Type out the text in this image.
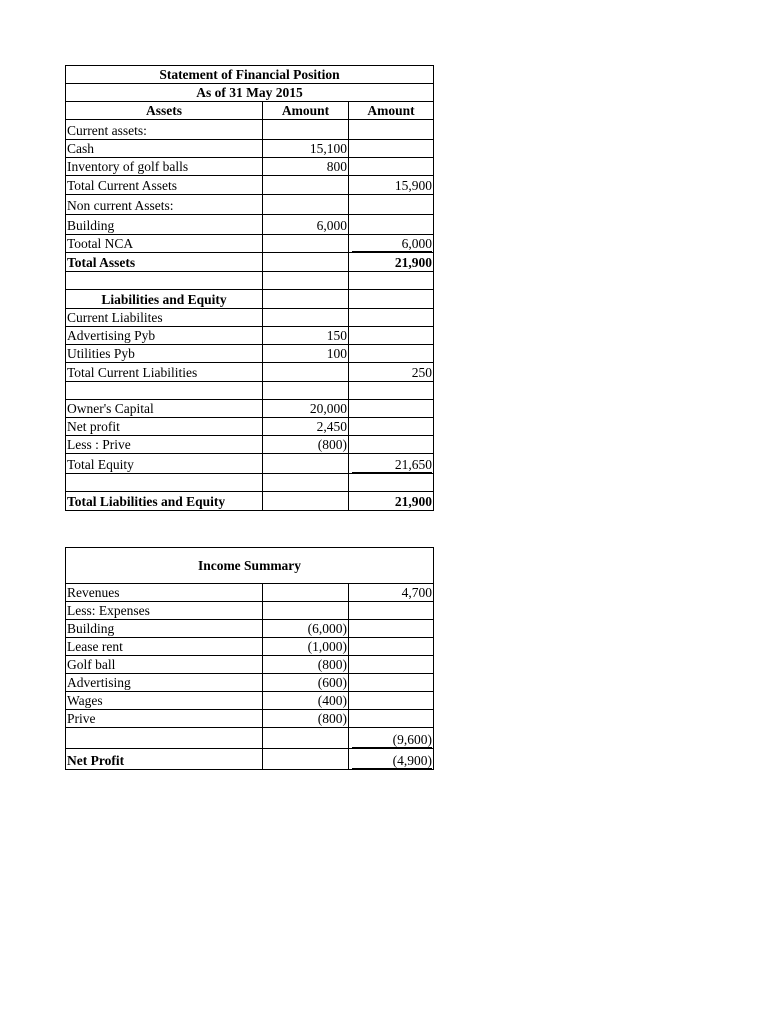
Statement of Financial Position		
As of 31 May 2015		
Assets	Amount	Amount
Current assets:		
Cash	15,100	
Inventory of golf balls	800	
Total Current Assets		15,900
Non current Assets:		
Building	6,000	
Tootal NCA		6,000
Total Assets		21,900

Liabilities and Equity		
Current Liabilites		
Advertising Pyb	150	
Utilities Pyb	100	
Total Current Liabilities		250

Owner's Capital	20,000	
Net profit	2,450	
Less : Prive	(800)	
Total Equity		21,650

Total Liabilities and Equity		21,900
Income Summary		
Revenues		4,700
Less: Expenses		
Building	(6,000)	
Lease rent	(1,000)	
Golf ball	(800)	
Advertising	(600)	
Wages	(400)	
Prive	(800)	
		(9,600)
Net Profit		(4,900)
